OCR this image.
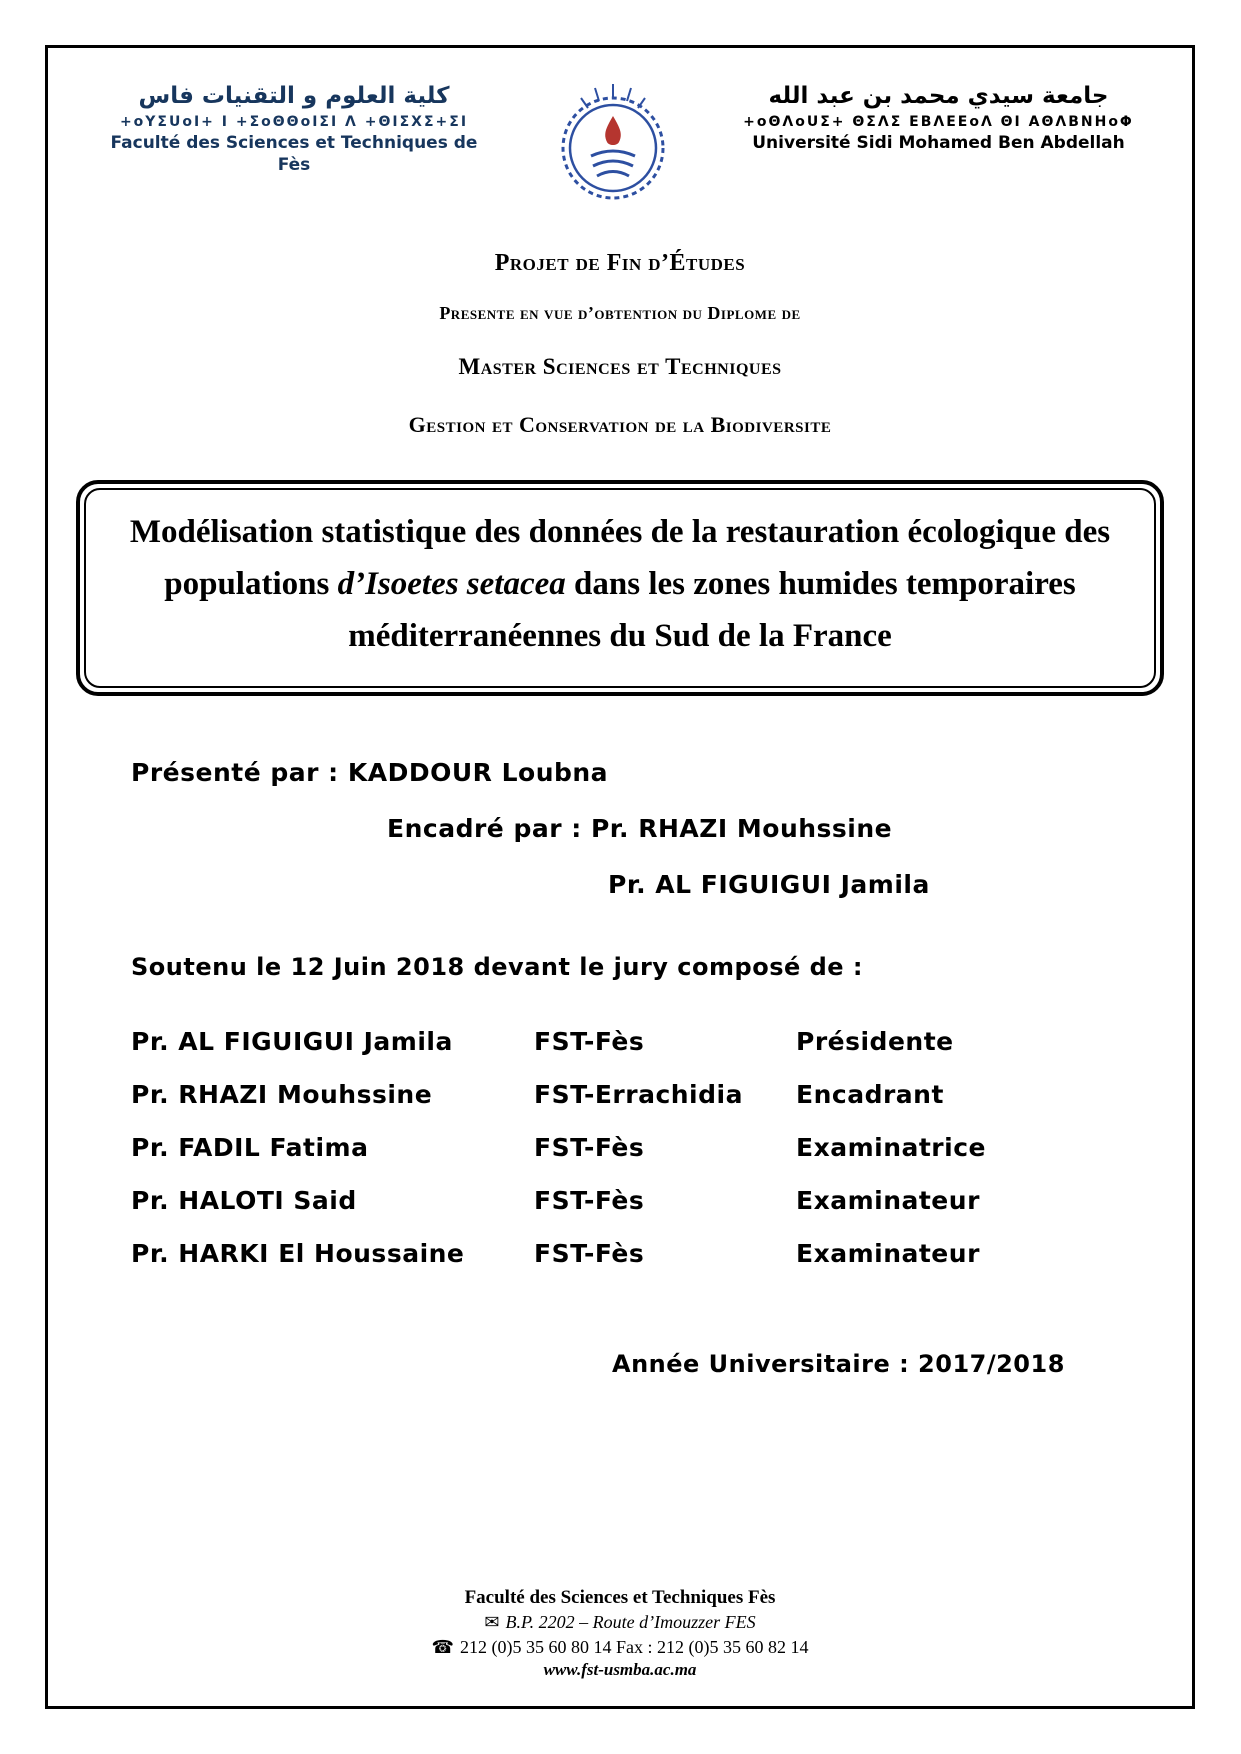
كلية العلوم و التقنيات فاس
+oYΣUoI+ I +ΣoΘΘoIΣI Λ +ΘIΣΧΣ+ΣI
Faculté des Sciences et Techniques de Fès
جامعة سيدي محمد بن عبد الله
+oΘΛoUΣ+ ΘΣΛΣ ΕΒΛΕΕoΛ ΘΙ ΑΘΛΒΝΗoΦ
Université Sidi Mohamed Ben Abdellah
Projet de Fin d’Études
Presente en vue d’obtention du Diplome de
Master Sciences et Techniques
Gestion et Conservation de la Biodiversite
Modélisation statistique des données de la restauration écologique des populations d’Isoetes setacea dans les zones humides temporaires méditerranéennes du Sud de la France
Présenté par : KADDOUR Loubna
Encadré par : Pr. RHAZI Mouhssine
Pr. AL FIGUIGUI Jamila
Soutenu le 12 Juin 2018 devant le jury composé de :
Pr. AL FIGUIGUI Jamila	FST-Fès	Présidente
Pr. RHAZI Mouhssine	FST-Errachidia	Encadrant
Pr. FADIL Fatima	FST-Fès	Examinatrice
Pr. HALOTI Said	FST-Fès	Examinateur
Pr. HARKI El Houssaine	FST-Fès	Examinateur
Année Universitaire : 2017/2018
Faculté des Sciences et Techniques Fès
✉ B.P. 2202 – Route d’Imouzzer FES
☎ 212 (0)5 35 60 80 14 Fax : 212 (0)5 35 60 82 14
www.fst-usmba.ac.ma
